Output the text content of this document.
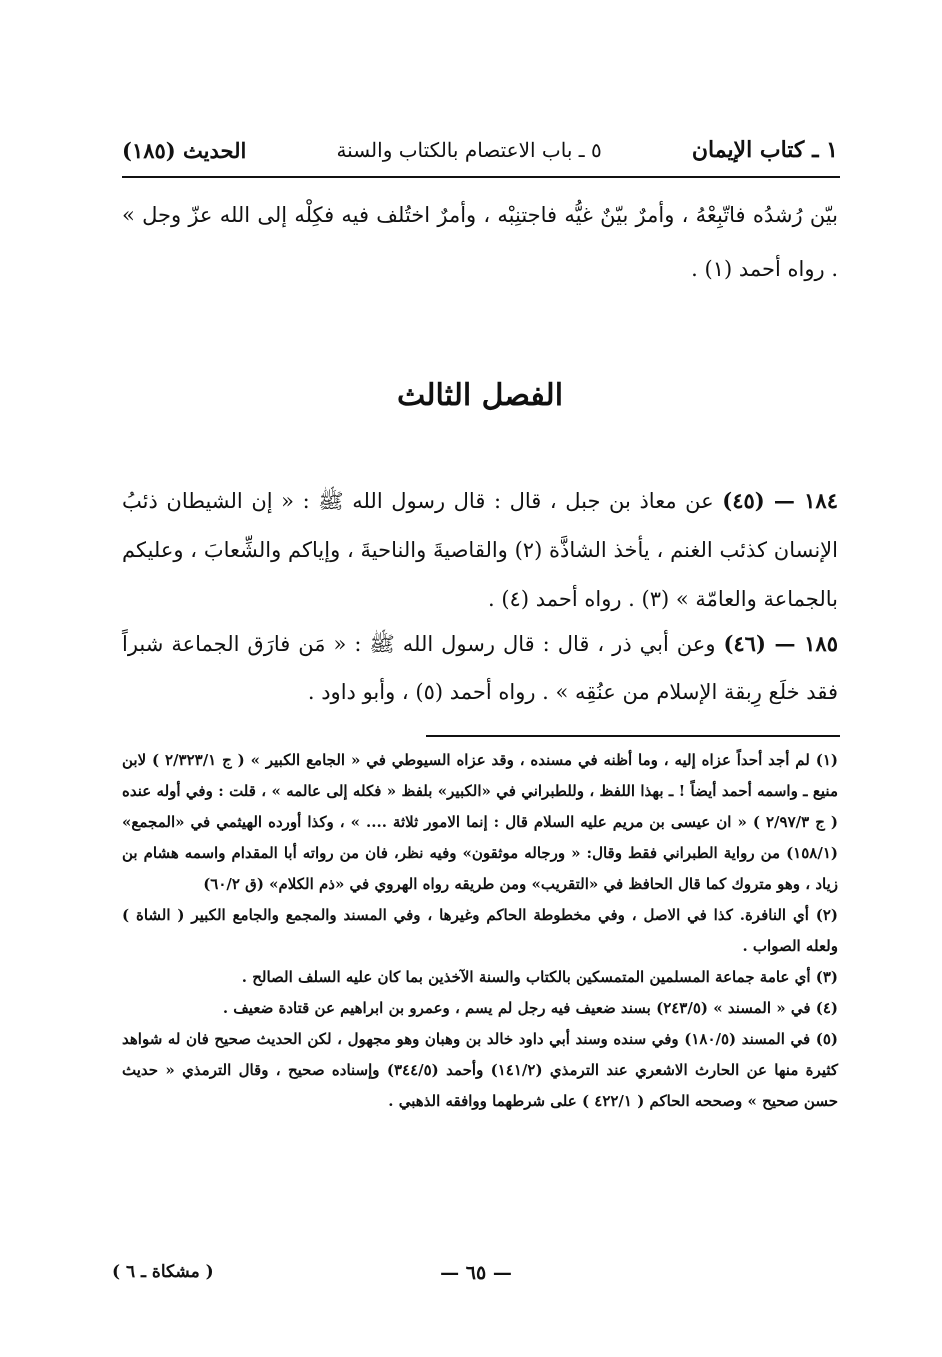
١ ـ كتاب الإيمان
٥ ـ باب الاعتصام بالكتاب والسنة
الحديث (١٨٥)

بيّن رُشدُه فاتّبِعْهُ ، وأمرٌ بيّنٌ غيُّه فاجتنِبْه ، وأمرٌ اختُلف فيه فكِلْه إلى الله عزّ وجل » . رواه أحمد (١) .

الفصل الثالث

١٨٤ — (٤٥) عن معاذ بن جبل ، قال : قال رسول الله ﷺ : « إن الشيطان ذئبُ الإنسان كذئب الغنم ، يأخذ الشاذَّة (٢) والقاصيةَ والناحيةَ ، وإياكم والشِّعابَ ، وعليكم بالجماعة والعامّة » (٣) . رواه أحمد (٤) .

١٨٥ — (٤٦) وعن أبي ذر ، قال : قال رسول الله ﷺ : « مَن فارَق الجماعة شبراً فقد خلَع رِبقة الإسلام من عنُقِه » . رواه أحمد (٥) ، وأبو داود .

(١) لم أجد أحداً عزاه إليه ، وما أظنه في مسنده ، وقد عزاه السيوطي في « الجامع الكبير » ( ج ٢/٣٢٣/١ ) لابن منيع ـ واسمه أحمد أيضاً ! ـ بهذا اللفظ ، وللطبراني في «الكبير» بلفظ « فكله إلى عالمه » ، قلت : وفي أوله عنده ( ج ٢/٩٧/٣ ) « ان عيسى بن مريم عليه السلام قال : إنما الامور ثلاثة .... » ، وكذا أورده الهيثمي في «المجمع» (١٥٨/١) من رواية الطبراني فقط وقال: « ورجاله موثقون» وفيه نظر، فان من رواته أبا المقدام واسمه هشام بن زياد ، وهو متروك كما قال الحافظ في «التقريب» ومن طريقه رواه الهروي في «ذم الكلام» (ق ٦٠/٢)

(٢) أي النافرة. كذا في الاصل ، وفي مخطوطة الحاكم وغيرها ، وفي المسند والمجمع والجامع الكبير ( الشاة ) ولعله الصواب .

(٣) أي عامة جماعة المسلمين المتمسكين بالكتاب والسنة الآخذين بما كان عليه السلف الصالح .

(٤) في « المسند » (٢٤٣/٥) بسند ضعيف فيه رجل لم يسم ، وعمرو بن ابراهيم عن قتادة ضعيف .

(٥) في المسند (١٨٠/٥) وفي سنده وسند أبي داود خالد بن وهبان وهو مجهول ، لكن الحديث صحيح فان له شواهد كثيرة منها عن الحارث الاشعري عند الترمذي (١٤١/٢) وأحمد (٣٤٤/٥) وإسناده صحيح ، وقال الترمذي « حديث حسن صحيح » وصححه الحاكم ( ٤٢٢/١ ) على شرطهما ووافقه الذهبي .

— ٦٥ —
( مشكاة ـ ٦ )
